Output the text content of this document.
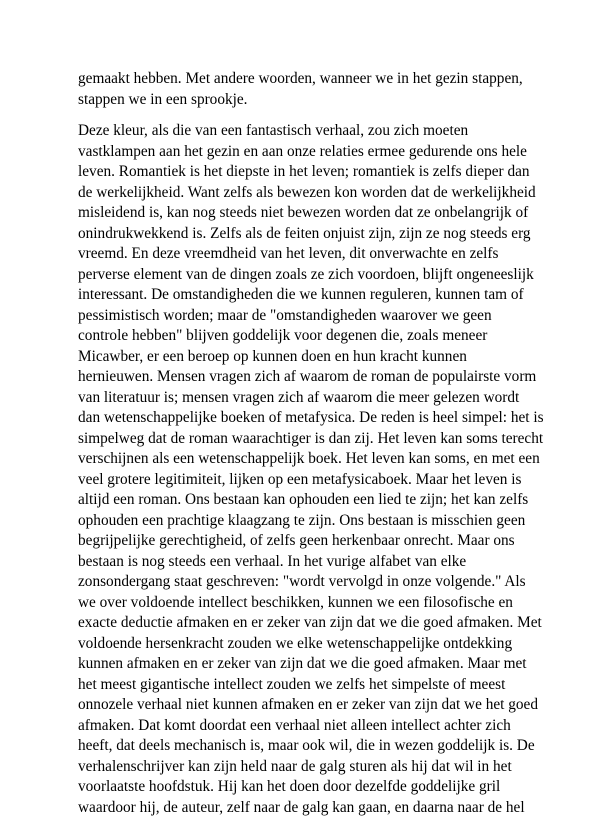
gemaakt hebben. Met andere woorden, wanneer we in het gezin stappen,
stappen we in een sprookje.
Deze kleur, als die van een fantastisch verhaal, zou zich moeten
vastklampen aan het gezin en aan onze relaties ermee gedurende ons hele
leven. Romantiek is het diepste in het leven; romantiek is zelfs dieper dan
de werkelijkheid. Want zelfs als bewezen kon worden dat de werkelijkheid
misleidend is, kan nog steeds niet bewezen worden dat ze onbelangrijk of
onindrukwekkend is. Zelfs als de feiten onjuist zijn, zijn ze nog steeds erg
vreemd. En deze vreemdheid van het leven, dit onverwachte en zelfs
perverse element van de dingen zoals ze zich voordoen, blijft ongeneeslijk
interessant. De omstandigheden die we kunnen reguleren, kunnen tam of
pessimistisch worden; maar de "omstandigheden waarover we geen
controle hebben" blijven goddelijk voor degenen die, zoals meneer
Micawber, er een beroep op kunnen doen en hun kracht kunnen
hernieuwen. Mensen vragen zich af waarom de roman de populairste vorm
van literatuur is; mensen vragen zich af waarom die meer gelezen wordt
dan wetenschappelijke boeken of metafysica. De reden is heel simpel: het is
simpelweg dat de roman waarachtiger is dan zij. Het leven kan soms terecht
verschijnen als een wetenschappelijk boek. Het leven kan soms, en met een
veel grotere legitimiteit, lijken op een metafysicaboek. Maar het leven is
altijd een roman. Ons bestaan kan ophouden een lied te zijn; het kan zelfs
ophouden een prachtige klaagzang te zijn. Ons bestaan is misschien geen
begrijpelijke gerechtigheid, of zelfs geen herkenbaar onrecht. Maar ons
bestaan is nog steeds een verhaal. In het vurige alfabet van elke
zonsondergang staat geschreven: "wordt vervolgd in onze volgende." Als
we over voldoende intellect beschikken, kunnen we een filosofische en
exacte deductie afmaken en er zeker van zijn dat we die goed afmaken. Met
voldoende hersenkracht zouden we elke wetenschappelijke ontdekking
kunnen afmaken en er zeker van zijn dat we die goed afmaken. Maar met
het meest gigantische intellect zouden we zelfs het simpelste of meest
onnozele verhaal niet kunnen afmaken en er zeker van zijn dat we het goed
afmaken. Dat komt doordat een verhaal niet alleen intellect achter zich
heeft, dat deels mechanisch is, maar ook wil, die in wezen goddelijk is. De
verhalenschrijver kan zijn held naar de galg sturen als hij dat wil in het
voorlaatste hoofdstuk. Hij kan het doen door dezelfde goddelijke gril
waardoor hij, de auteur, zelf naar de galg kan gaan, en daarna naar de hel
